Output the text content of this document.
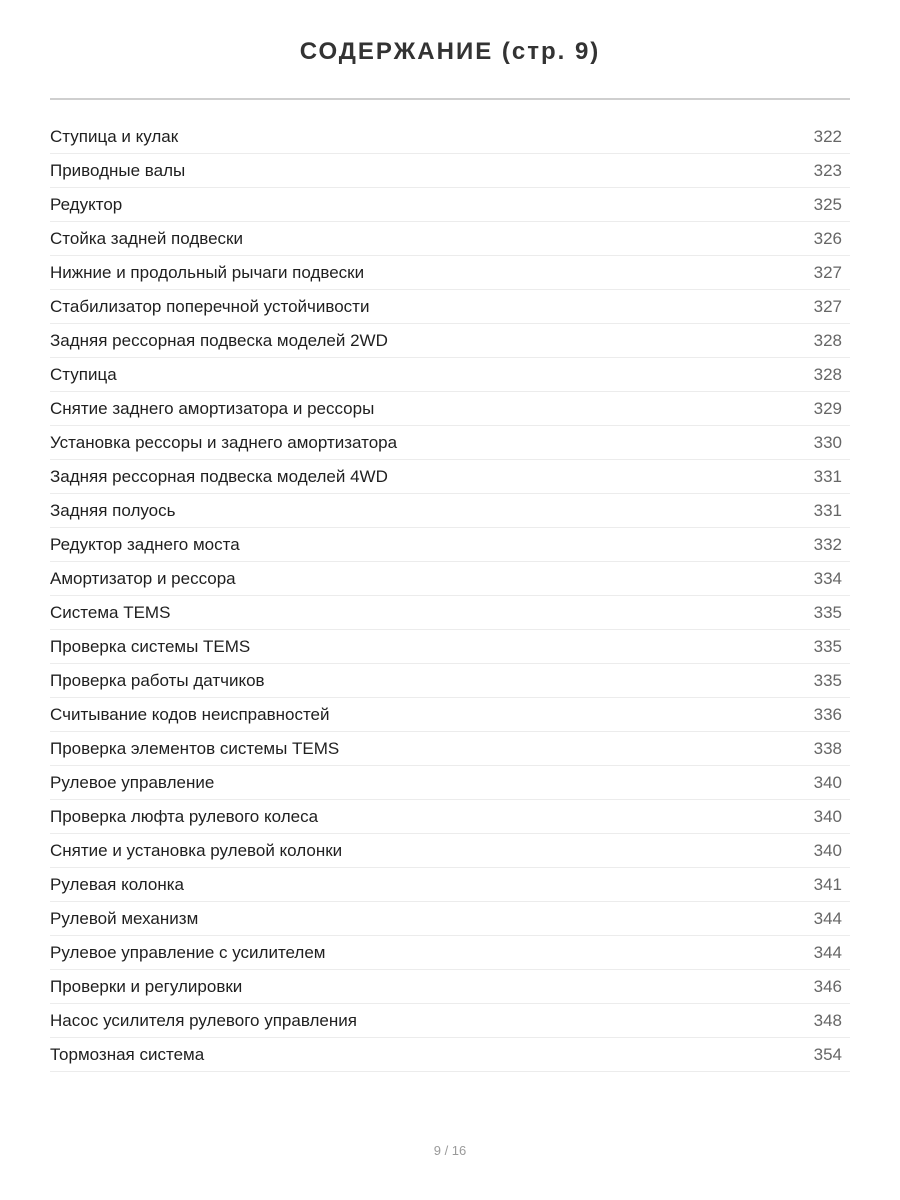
СОДЕРЖАНИЕ (стр. 9)
Ступица и кулак	322
Приводные валы	323
Редуктор	325
Стойка задней подвески	326
Нижние и продольный рычаги подвески	327
Стабилизатор поперечной устойчивости	327
Задняя рессорная подвеска моделей 2WD	328
Ступица	328
Снятие заднего амортизатора и рессоры	329
Установка рессоры и заднего амортизатора	330
Задняя рессорная подвеска моделей 4WD	331
Задняя полуось	331
Редуктор заднего моста	332
Амортизатор и рессора	334
Система TEMS	335
Проверка системы TEMS	335
Проверка работы датчиков	335
Считывание кодов неисправностей	336
Проверка элементов системы TEMS	338
Рулевое управление	340
Проверка люфта рулевого колеса	340
Снятие и установка рулевой колонки	340
Рулевая колонка	341
Рулевой механизм	344
Рулевое управление с усилителем	344
Проверки и регулировки	346
Насос усилителя рулевого управления	348
Тормозная система	354
9 / 16
